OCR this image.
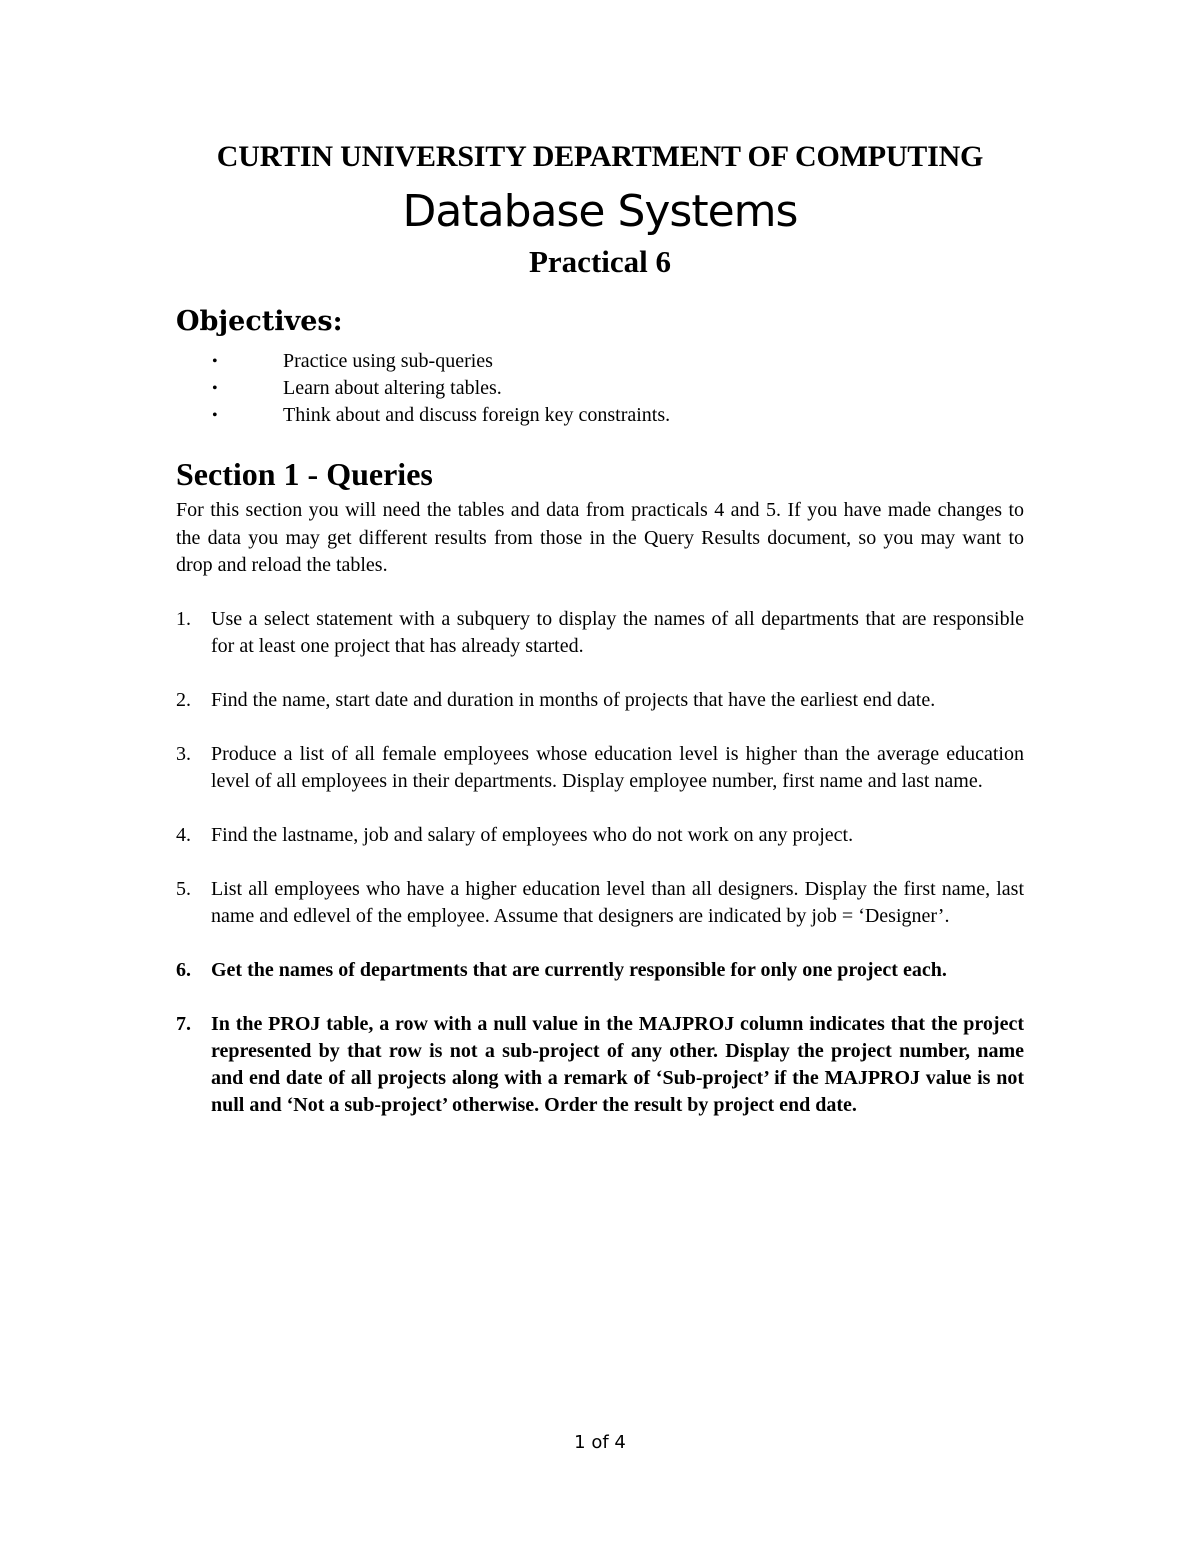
CURTIN UNIVERSITY DEPARTMENT OF COMPUTING
Database Systems
Practical 6
Objectives:
•	Practice using sub-queries
•	Learn about altering tables.
•	Think about and discuss foreign key constraints.
Section 1 - Queries
For this section you will need the tables and data from practicals 4 and 5. If you have made changes to the data you may get different results from those in the Query Results document, so you may want to drop and reload the tables.
1.	Use a select statement with a subquery to display the names of all departments that are responsible for at least one project that has already started.
2.	Find the name, start date and duration in months of projects that have the earliest end date.
3.	Produce a list of all female employees whose education level is higher than the average education level of all employees in their departments. Display employee number, first name and last name.
4.	Find the lastname, job and salary of employees who do not work on any project.
5.	List all employees who have a higher education level than all designers. Display the first name, last name and edlevel of the employee. Assume that designers are indicated by job = ‘Designer’.
6.	Get the names of departments that are currently responsible for only one project each.
7.	In the PROJ table, a row with a null value in the MAJPROJ column indicates that the project represented by that row is not a sub-project of any other. Display the project number, name and end date of all projects along with a remark of ‘Sub-project’ if the MAJPROJ value is not null and ‘Not a sub-project’ otherwise. Order the result by project end date.
1 of 4
